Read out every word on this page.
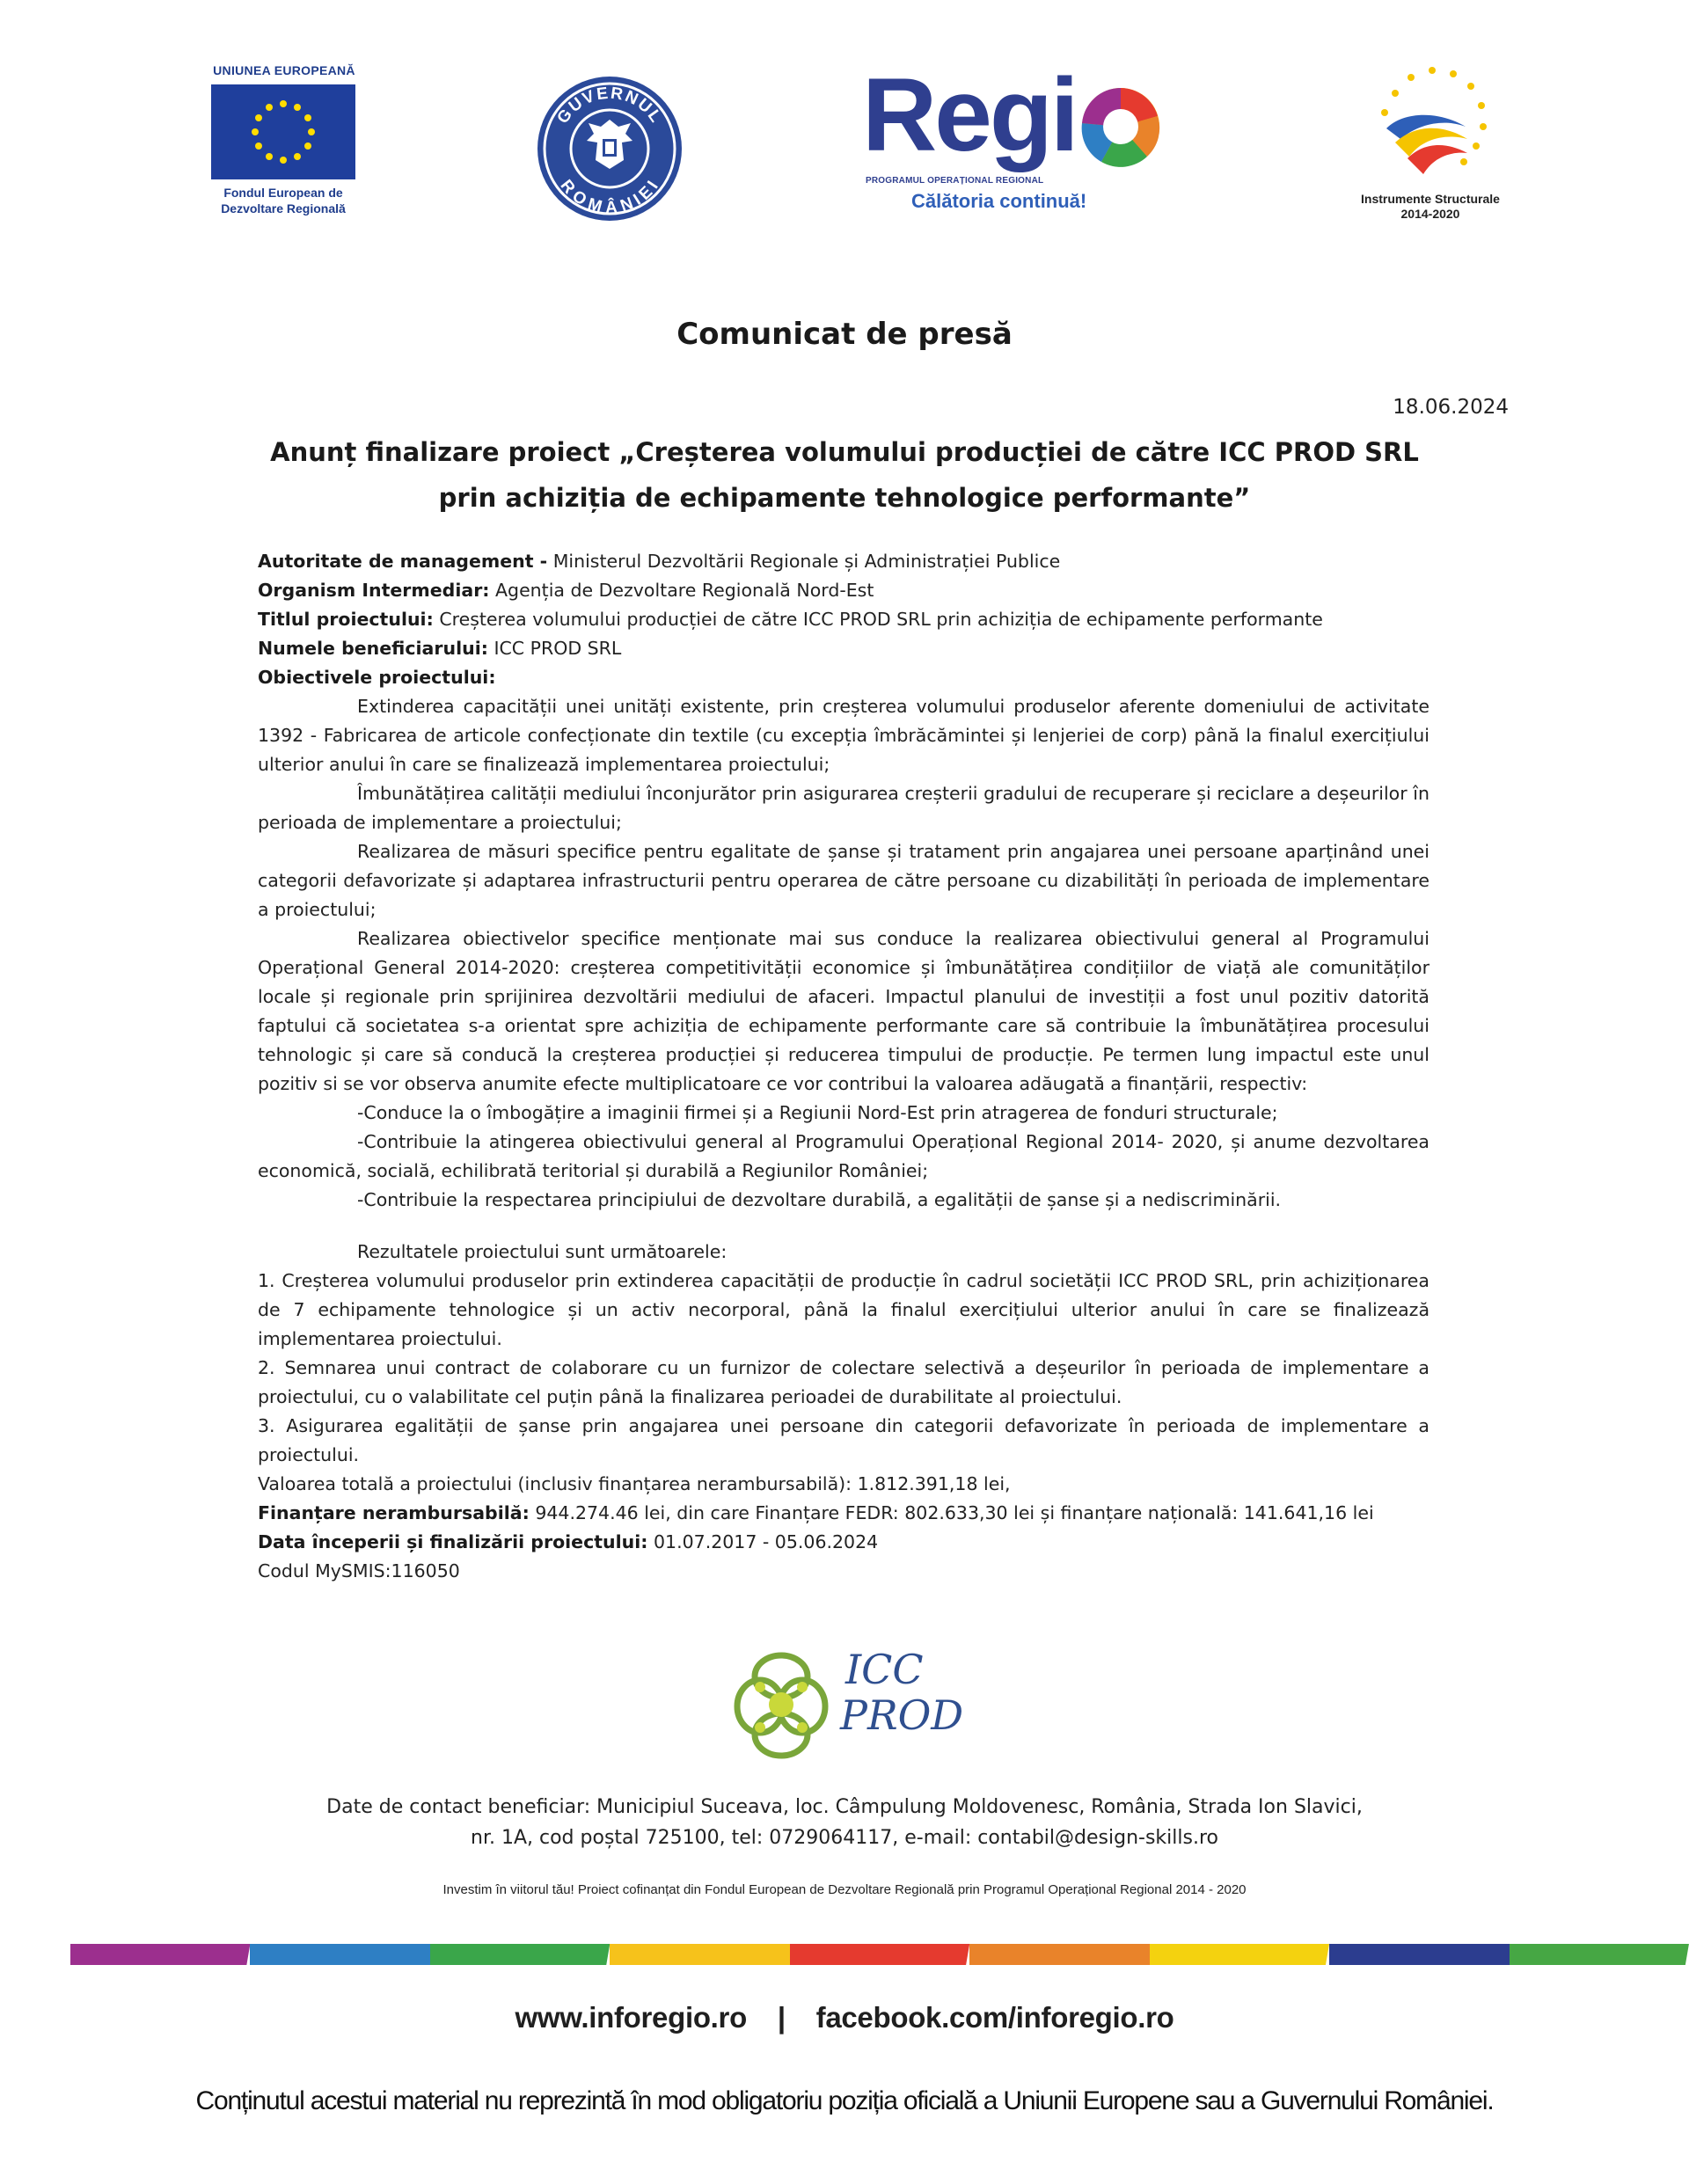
UNIUNEA EUROPEANĂ
Fondul European de
Dezvoltare Regională
GUVERNUL
ROMÂNIEI
Regi
PROGRAMUL OPERAȚIONAL REGIONAL
Călătoria continuă!	Instrumente Structurale
2014-2020
Comunicat de presă
18.06.2024
Anunț finalizare proiect „Creșterea volumului producției de către ICC PROD SRL
prin achiziția de echipamente tehnologice performante”

Autoritate de management - Ministerul Dezvoltării Regionale și Administrației Publice

Organism Intermediar: Agenția de Dezvoltare Regională Nord-Est

Titlul proiectului: Creșterea volumului producției de către ICC PROD SRL prin achiziția de echipamente performante

Numele beneficiarului: ICC PROD SRL

Obiectivele proiectului:

Extinderea capacității unei unități existente, prin creșterea volumului produselor aferente domeniului de activitate 1392 - Fabricarea de articole confecționate din textile (cu excepția îmbrăcămintei și lenjeriei de corp) până la finalul exercițiului ulterior anului în care se finalizează implementarea proiectului;

Îmbunătățirea calității mediului înconjurător prin asigurarea creșterii gradului de recuperare și reciclare a deșeurilor în perioada de implementare a proiectului;

Realizarea de măsuri specifice pentru egalitate de șanse și tratament prin angajarea unei persoane aparținând unei categorii defavorizate și adaptarea infrastructurii pentru operarea de către persoane cu dizabilități în perioada de implementare a proiectului;

Realizarea obiectivelor specifice menționate mai sus conduce la realizarea obiectivului general al Programului Operațional General 2014-2020: creșterea competitivității economice și îmbunătățirea condițiilor de viață ale comunităților locale și regionale prin sprijinirea dezvoltării mediului de afaceri. Impactul planului de investiții a fost unul pozitiv datorită faptului că societatea s-a orientat spre achiziția de echipamente performante care să contribuie la îmbunătățirea procesului tehnologic și care să conducă la creșterea producției și reducerea timpului de producție. Pe termen lung impactul este unul pozitiv si se vor observa anumite efecte multiplicatoare ce vor contribui la valoarea adăugată a finanțării, respectiv:

-Conduce la o îmbogățire a imaginii firmei și a Regiunii Nord-Est prin atragerea de fonduri structurale;

-Contribuie la atingerea obiectivului general al Programului Operațional Regional 2014- 2020, și anume dezvoltarea economică, socială, echilibrată teritorial și durabilă a Regiunilor României;

-Contribuie la respectarea principiului de dezvoltare durabilă, a egalității de șanse și a nediscriminării.

Rezultatele proiectului sunt următoarele:

1. Creșterea volumului produselor prin extinderea capacității de producție în cadrul societății ICC PROD SRL, prin achiziționarea de 7 echipamente tehnologice și un activ necorporal, până la finalul exercițiului ulterior anului în care se finalizează implementarea proiectului.

2. Semnarea unui contract de colaborare cu un furnizor de colectare selectivă a deșeurilor în perioada de implementare a proiectului, cu o valabilitate cel puțin până la finalizarea perioadei de durabilitate al proiectului.

3. Asigurarea egalității de șanse prin angajarea unei persoane din categorii defavorizate în perioada de implementare a proiectului.

Valoarea totală a proiectului (inclusiv finanțarea nerambursabilă): 1.812.391,18 lei,

Finanțare nerambursabilă: 944.274.46 lei, din care Finanțare FEDR: 802.633,30 lei și finanțare națională: 141.641,16 lei

Data începerii și finalizării proiectului: 01.07.2017 - 05.06.2024

Codul MySMIS:116050

ICC
PROD
Date de contact beneficiar: Municipiul Suceava, loc. Câmpulung Moldovenesc, România, Strada Ion Slavici,
nr. 1A, cod poștal 725100, tel: 0729064117, e-mail: contabil@design-skills.ro
Investim în viitorul tău! Proiect cofinanțat din Fondul European de Dezvoltare Regională prin Programul Operațional Regional 2014 - 2020
www.inforegio.ro | facebook.com/inforegio.ro
Conținutul acestui material nu reprezintă în mod obligatoriu poziția oficială a Uniunii Europene sau a Guvernului României.
